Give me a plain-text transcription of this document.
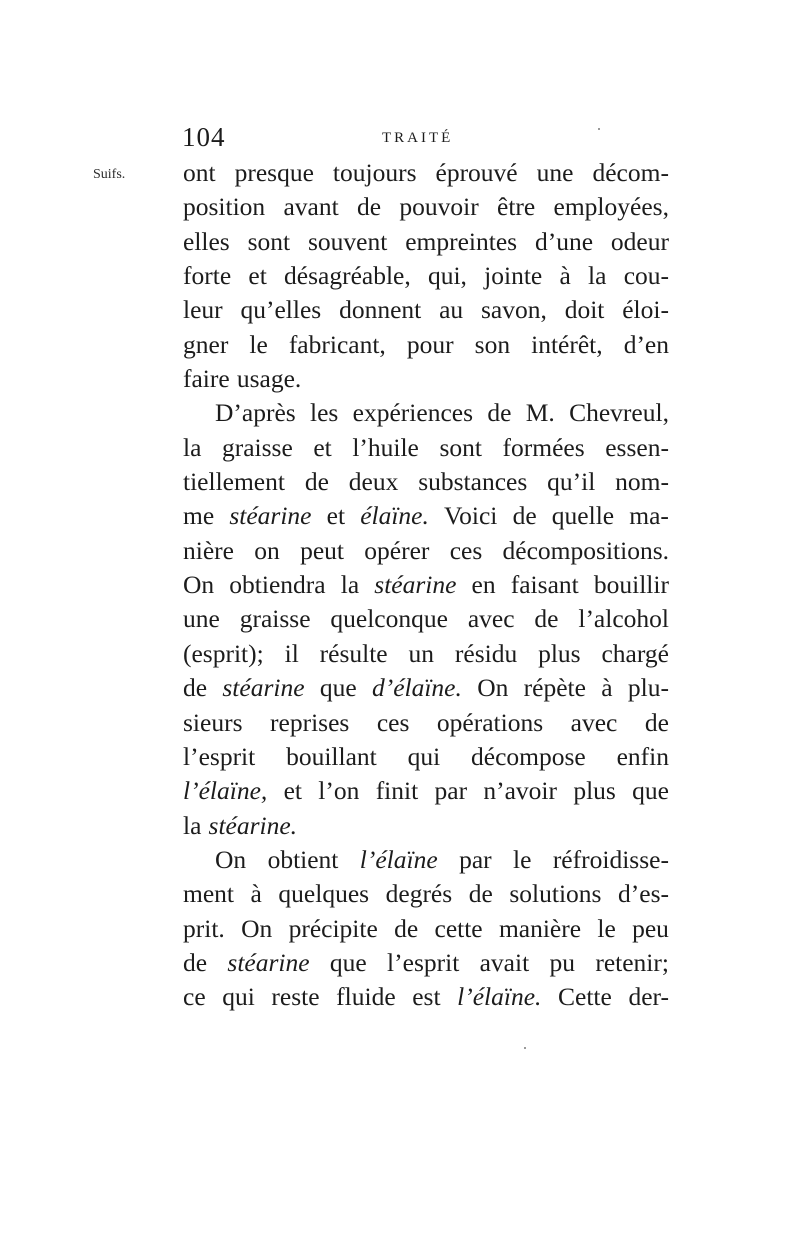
104	TRAITÉ
Suifs. ont presque toujours éprouvé une décom-
position avant de pouvoir être employées,
elles sont souvent empreintes d’une odeur
forte et désagréable, qui, jointe à la cou-
leur qu’elles donnent au savon, doit éloi-
gner le fabricant, pour son intérêt, d’en
faire usage.
D’après les expériences de M. Chevreul,
la graisse et l’huile sont formées essen-
tiellement de deux substances qu’il nom-
me stéarine et élaïne. Voici de quelle ma-
nière on peut opérer ces décompositions.
On obtiendra la stéarine en faisant bouillir
une graisse quelconque avec de l’alcohol
(esprit); il résulte un résidu plus chargé
de stéarine que d’élaïne. On répète à plu-
sieurs reprises ces opérations avec de
l’esprit bouillant qui décompose enfin
l’élaïne, et l’on finit par n’avoir plus que
la stéarine.
On obtient l’élaïne par le réfroidisse-
ment à quelques degrés de solutions d’es-
prit. On précipite de cette manière le peu
de stéarine que l’esprit avait pu retenir;
ce qui reste fluide est l’élaïne. Cette der-
